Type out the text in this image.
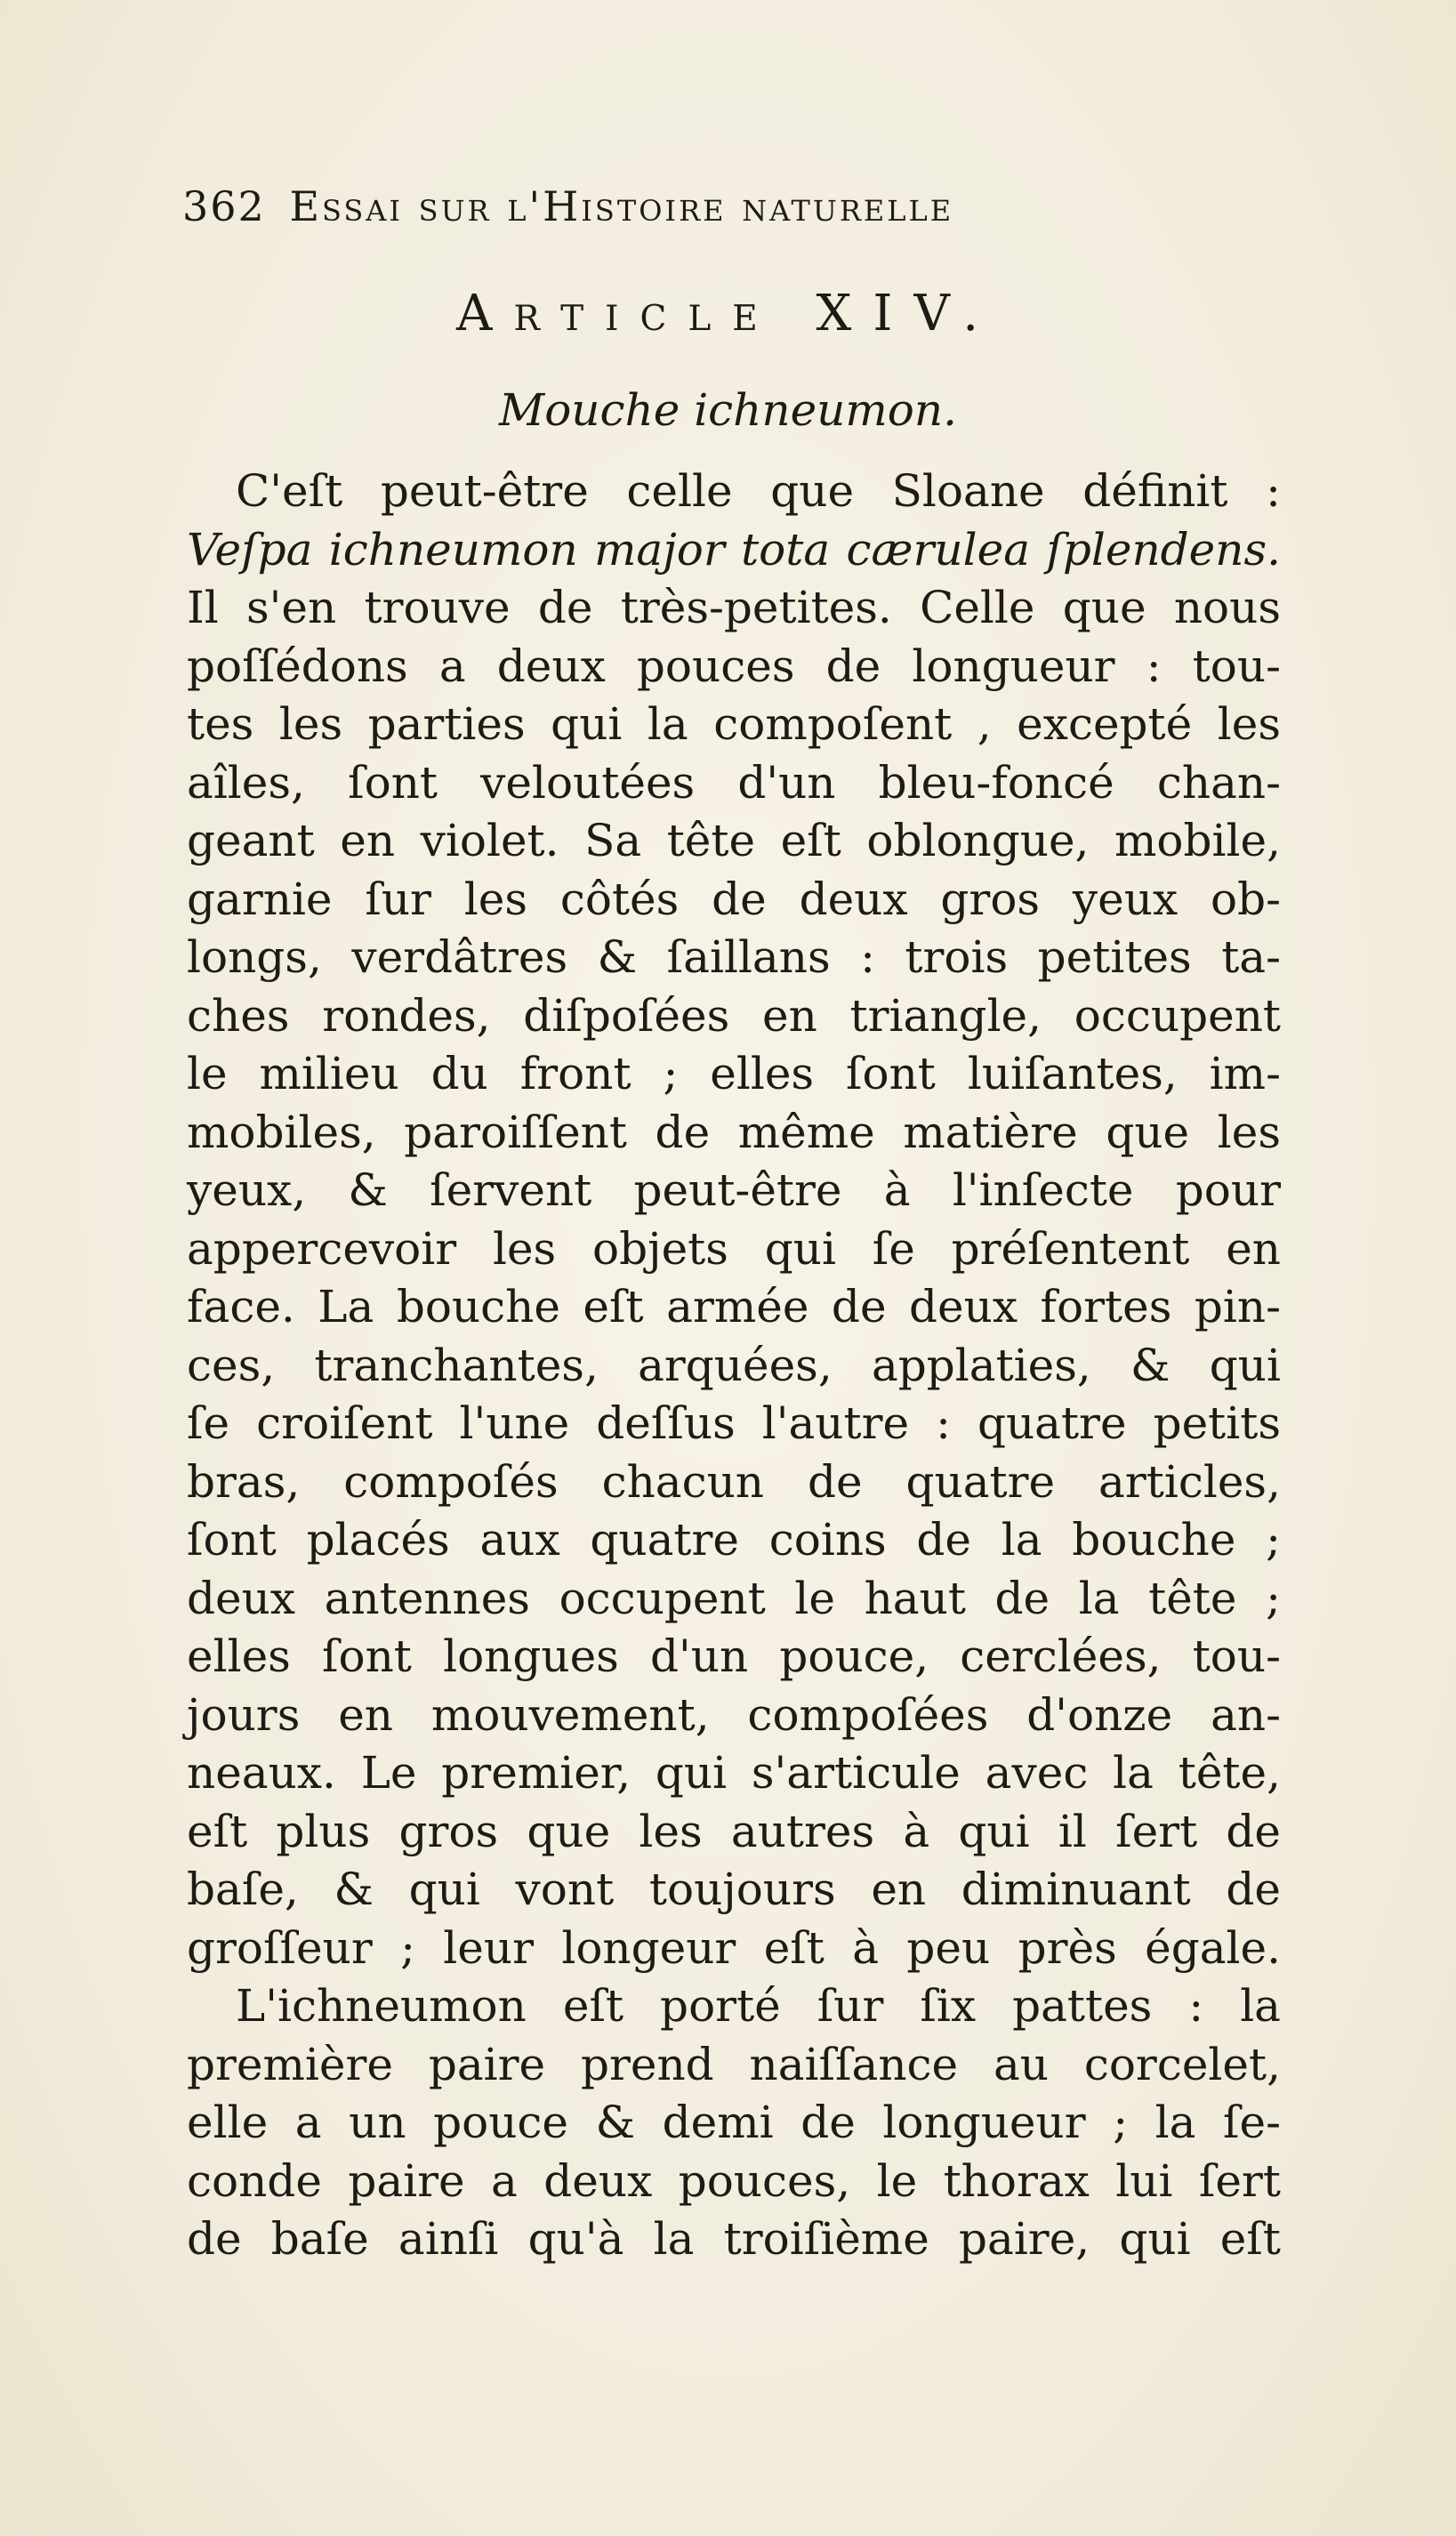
362 Essai sur l'Histoire naturelle
Article XIV.
Mouche ichneumon.
C'eſt peut-être celle que Sloane définit :
Veſpa ichneumon major tota cærulea ſplendens.
Il s'en trouve de très-petites. Celle que nous
poſſédons a deux pouces de longueur : tou-
tes les parties qui la compoſent , excepté les
aîles, ſont veloutées d'un bleu-foncé chan-
geant en violet. Sa tête eſt oblongue, mobile,
garnie ſur les côtés de deux gros yeux ob-
longs, verdâtres & ſaillans : trois petites ta-
ches rondes, diſpoſées en triangle, occupent
le milieu du front ; elles ſont luiſantes, im-
mobiles, paroiſſent de même matière que les
yeux, & ſervent peut-être à l'inſecte pour
appercevoir les objets qui ſe préſentent en
face. La bouche eſt armée de deux fortes pin-
ces, tranchantes, arquées, applaties, & qui
ſe croiſent l'une deſſus l'autre : quatre petits
bras, compoſés chacun de quatre articles,
ſont placés aux quatre coins de la bouche ;
deux antennes occupent le haut de la tête ;
elles ſont longues d'un pouce, cerclées, tou-
jours en mouvement, compoſées d'onze an-
neaux. Le premier, qui s'articule avec la tête,
eſt plus gros que les autres à qui il ſert de
baſe, & qui vont toujours en diminuant de
groſſeur ; leur longeur eſt à peu près égale.
L'ichneumon eſt porté ſur ſix pattes : la
première paire prend naiſſance au corcelet,
elle a un pouce & demi de longueur ; la ſe-
conde paire a deux pouces, le thorax lui ſert
de baſe ainſi qu'à la troiſième paire, qui eſt
